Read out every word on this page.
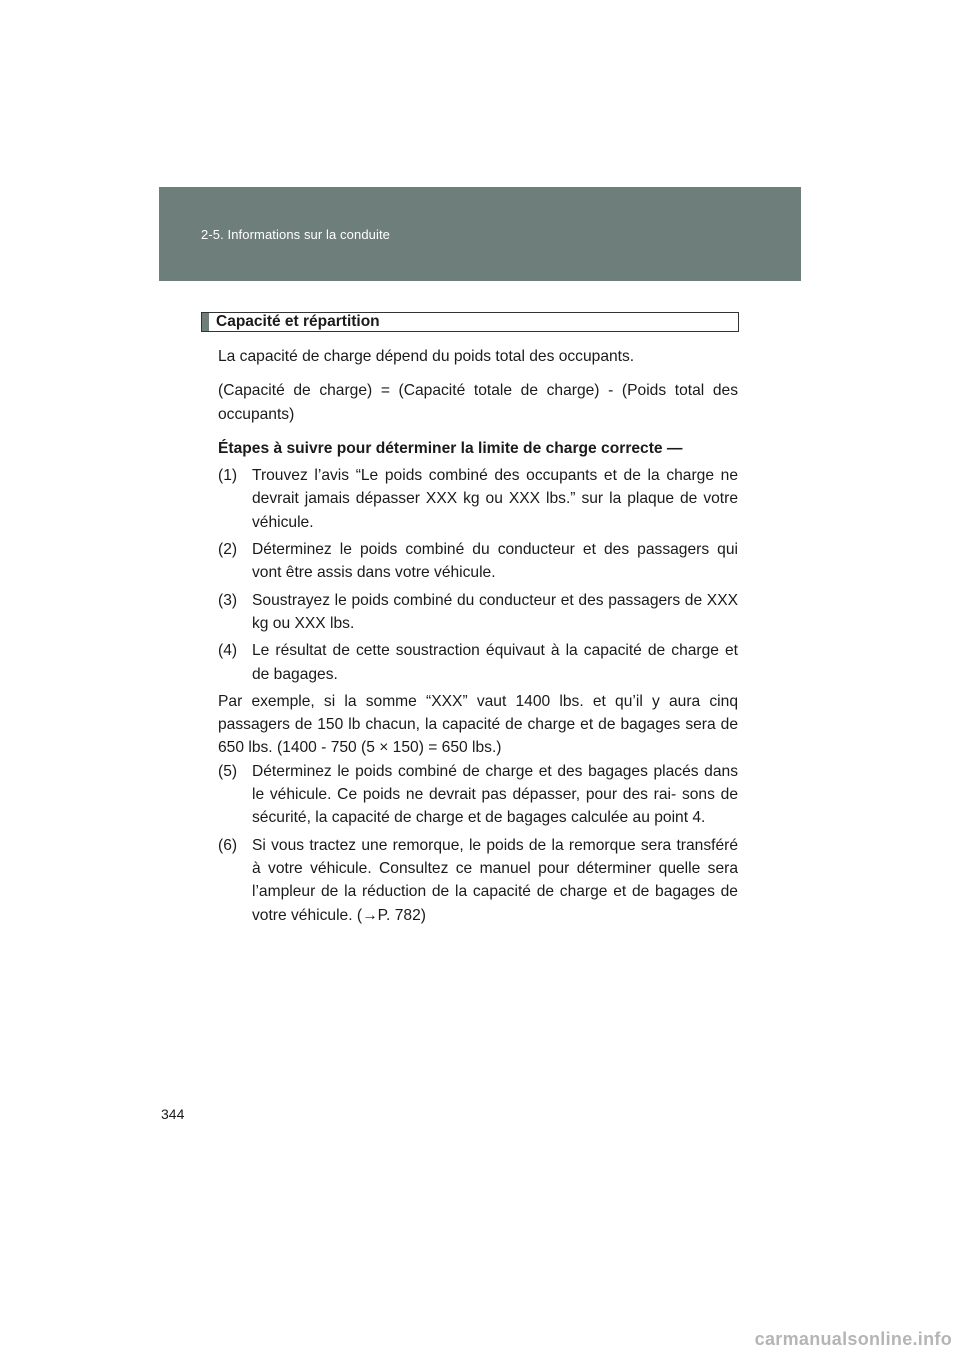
2-5. Informations sur la conduite
Capacité et répartition

La capacité de charge dépend du poids total des occupants.

(Capacité de charge) = (Capacité totale de charge) - (Poids total des occupants)

Étapes à suivre pour déterminer la limite de charge correcte —

(1) Trouvez l’avis “Le poids combiné des occupants et de la charge ne devrait jamais dépasser XXX kg ou XXX lbs.” sur la plaque de votre véhicule.
(2) Déterminez le poids combiné du conducteur et des passagers qui vont être assis dans votre véhicule.
(3) Soustrayez le poids combiné du conducteur et des passagers de XXX kg ou XXX lbs.
(4) Le résultat de cette soustraction équivaut à la capacité de charge et de bagages.

Par exemple, si la somme “XXX” vaut 1400 lbs. et qu’il y aura cinq passagers de 150 lb chacun, la capacité de charge et de bagages sera de 650 lbs. (1400 - 750 (5 × 150) = 650 lbs.)

(5) Déterminez le poids combiné de charge et des bagages placés dans le véhicule. Ce poids ne devrait pas dépasser, pour des rai- sons de sécurité, la capacité de charge et de bagages calculée au point 4.
(6) Si vous tractez une remorque, le poids de la remorque sera transféré à votre véhicule. Consultez ce manuel pour déterminer quelle sera l’ampleur de la réduction de la capacité de charge et de bagages de votre véhicule. (→P. 782)
344
carmanualsonline.info
